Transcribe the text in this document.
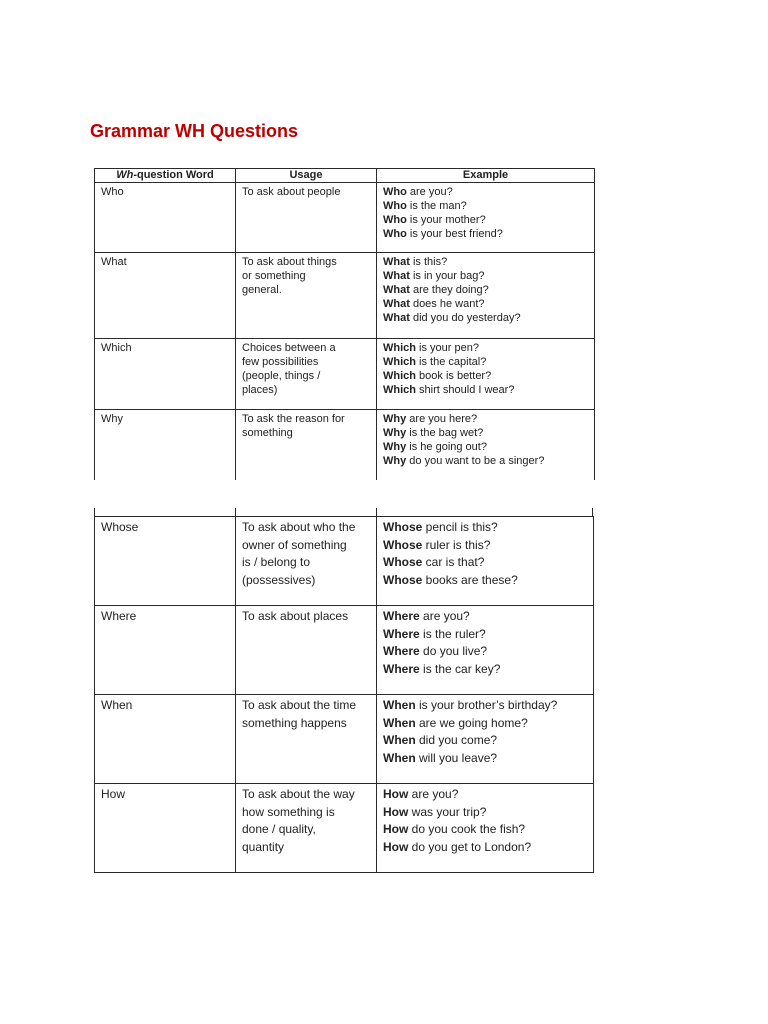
Grammar WH Questions
Wh-question Word	Usage	Example
Who	To ask about people	Who are you?
Who is the man?
Who is your mother?
Who is your best friend?

What	To ask about things
or something
general.	What is this?
What is in your bag?
What are they doing?
What does he want?
What did you do yesterday?

Which	Choices between a
few possibilities
(people, things /
places)	Which is your pen?
Which is the capital?
Which book is better?
Which shirt should I wear?

Why	To ask the reason for
something	Why are you here?
Why is the bag wet?
Why is he going out?
Why do you want to be a singer?
Whose	To ask about who the
owner of something
is / belong to
(possessives)	Whose pencil is this?
Whose ruler is this?
Whose car is that?
Whose books are these?

Where	To ask about places	Where are you?
Where is the ruler?
Where do you live?
Where is the car key?

When	To ask about the time
something happens	When is your brother’s birthday?
When are we going home?
When did you come?
When will you leave?

How	To ask about the way
how something is
done / quality,
quantity	How are you?
How was your trip?
How do you cook the fish?
How do you get to London?
